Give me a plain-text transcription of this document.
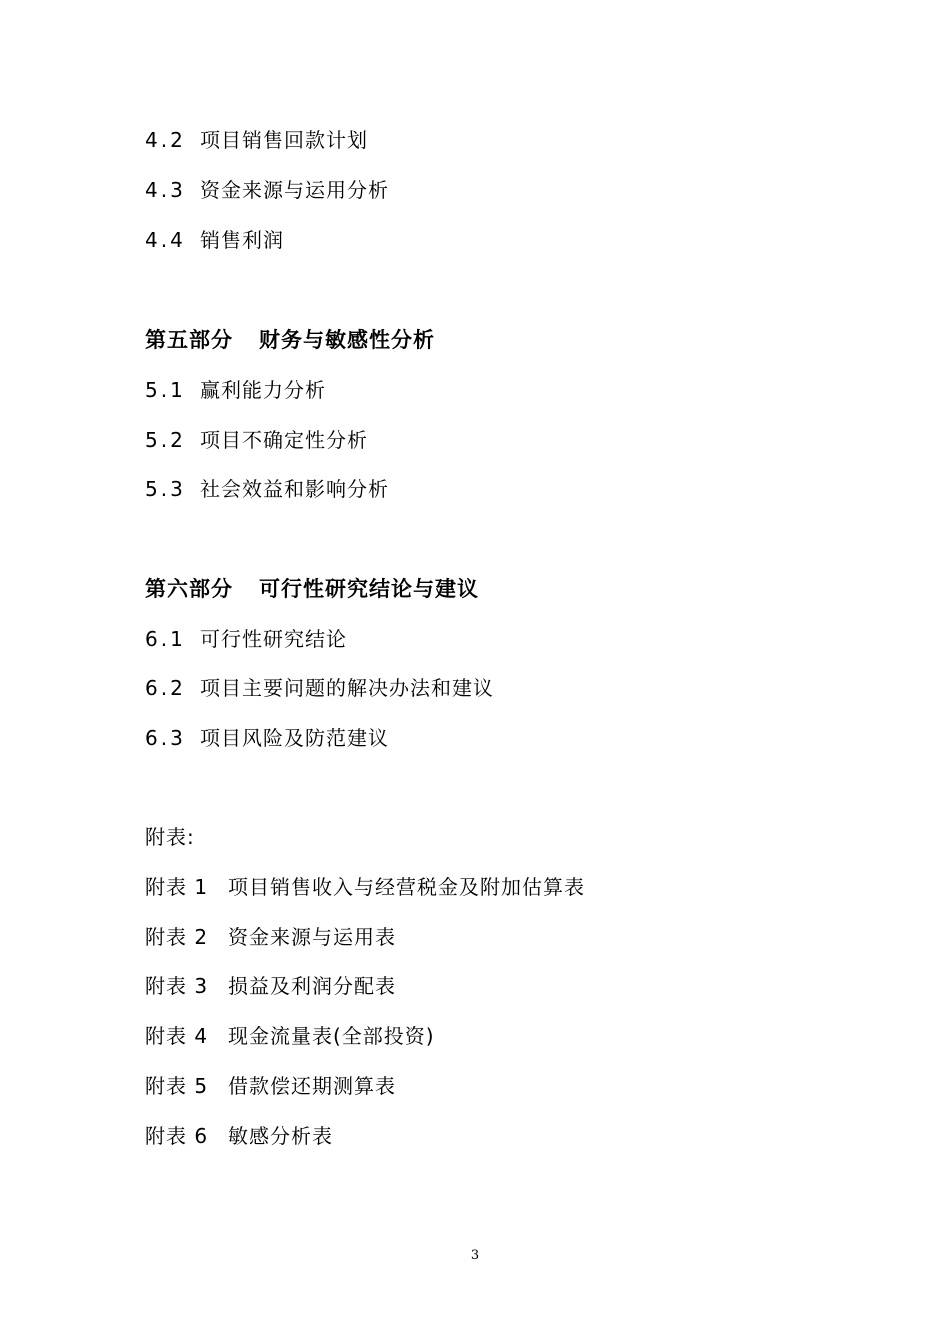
4.2 项目销售回款计划
4.3 资金来源与运用分析
4.4 销售利润
第五部分 财务与敏感性分析
5.1 赢利能力分析
5.2 项目不确定性分析
5.3 社会效益和影响分析
第六部分 可行性研究结论与建议
6.1 可行性研究结论
6.2 项目主要问题的解决办法和建议
6.3 项目风险及防范建议
附表:
附表 1 项目销售收入与经营税金及附加估算表
附表 2 资金来源与运用表
附表 3 损益及利润分配表
附表 4 现金流量表(全部投资)
附表 5 借款偿还期测算表
附表 6 敏感分析表
3
